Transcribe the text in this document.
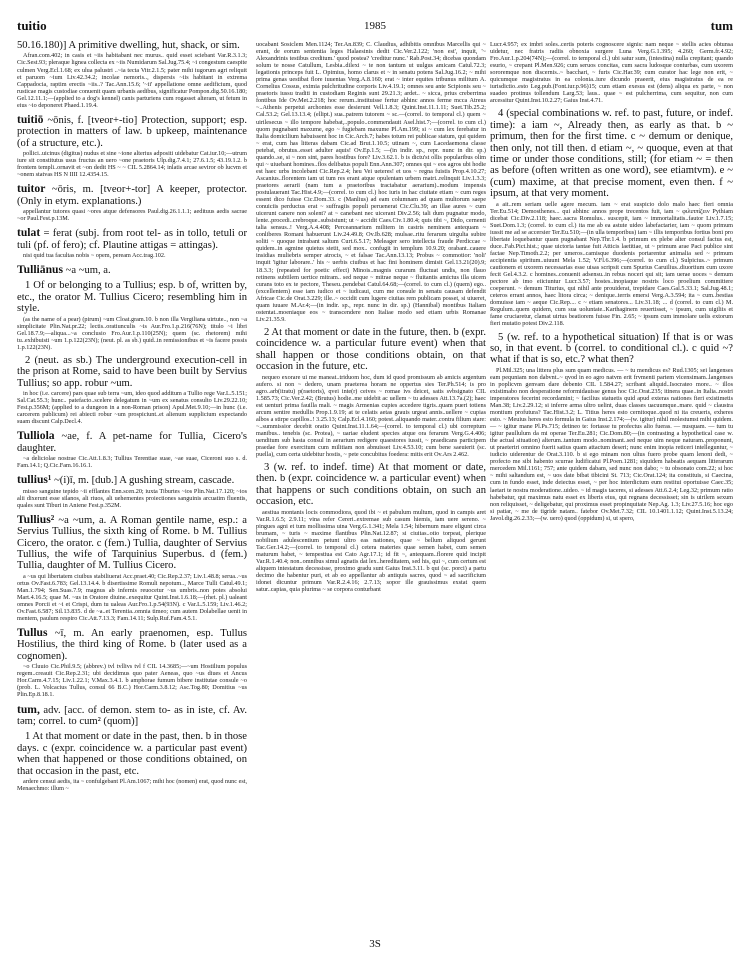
tuitio	1985	tum

50.16.180)] A primitive dwelling, hut, shack, or sim.

Afran.com.402; in casis et ~iis habitabant nec murus.. quid esset sciebant Var.R.3.1.3; Cic.Sest.93; pleraque lignea collecta ex ~iis Numidarum Sal.Jug.75.4; ~i congestum caespite culmen Verg.Ecl.1.68; ex ulua palustri ..~ia tecta Vitr.2.1.5; pater mihi iugorum agri reliquit et paruom ~ium Liv.42.34.2; incolae nemoris.., dispersis ~iis habitant in extrema Cappadocia, raptim erectis ~iis..? Tac.Ann.15.6; '~ii' appellatione omne aedificium, quod rusticae magis custodiae conuenit quam urbanis aedibus, significatur Pompon.dig.50.16.180; Gel.12.11.1;—(applied to a dog's kennel) canis parturiens cum rogasset alteram, ut fetum in eius ~io deponeret Phaed.1.19.4.

tuitiō ~ōnis, f. [tveor+-tio] Protection, support; esp. protection in matters of law. b upkeep, maintenance (of a structure, etc.).

pollici..uicinus (digitus) nudus et sine ~ione alterius adpositi uidebatur Cat.iur.10;—utrum iure sit constitutus usus fructus an uero ~one praetoris Ulp.dig.7.4.1; 27.6.1.5; 43.19.1.2. b frontem templi..ornavit et ~on dedit HS ~ ~ CIL 5.2864.14; inlatis arcae seviror ob lucvm et ~onem statvas HS N IIII 12.4354.15.

tuitor ~ōris, m. [tveor+-tor] A keeper, protector. (Only in etym. explanations.)

appellantur tutores quasi ~ores atque defensores Paul.dig.26.1.1.1; aedituus aedis sacrae ~or Paul.Fest.p.13M.

tulat = ferat (subj. from root tel- as in tollo, tetuli or tuli (pf. of fero); cf. Plautine attigas = attingas).

nisi quid tua facultas nobis ~ opem, peream Acc.trag.102.

Tulliānus ~a ~um, a.

1 Of or belonging to a Tullius; esp. b of, written by, etc., the orator M. Tullius Cicero; resembling him in style.

(as the name of a pear) (pirum) ~um Cloat.gram.10. b non illa Vergiliana uirtute.., non ~a simplicitate Plin.Nat.pr.22; lectis..oratiunculis ~is Aur.Fro.1.p.216(76N); titulo ~i libri Gel.18.7.9;—aliqua...~a conclusio Fro.Aur.1.p.110(25N); quem (sc. rhetorem) mihi tu..exhibuisti ~um 1.p.122(23N); (neut. pl. as sb.) quid..in remissionibus et ~is facere possis 1.p.122(23N).

2 (neut. as sb.) The underground execution-cell in the prison at Rome, said to have been built by Servius Tullius; so app. robur ~um.

in hoc (i.e. carcere) pars quae sub terra ~um, ideo quod additum a Tullio rege Var.L.5.151; Sal.Cat.55.3; hunc.. patefacto..scelere delegatum in ~um ex senatus consulto Liv.29.22.10; Fest.p.356M; (applied to a dungeon in a non-Roman prison) Apul.Met.9.10;—in hunc (i.e. carcerem publicum) rei abiecti robur ~um prospiciunt..et alienum supplicium expectando suam discunt Calp.Decl.4.

Tulliola ~ae, f. A pet-name for Tullia, Cicero's daughter.

~a deliciolae nostrae Cic.Att.1.8.3; Tullius Terentiae suae, ~ae suae, Ciceroni suo s. d. Fam.14.1; Q.Cic.Fam.16.16.1.

tullius¹ ~(i)ī, m. [dub.] A gushing stream, cascade.

misso sanguine tepido ~ii efflantes Enn.scen.20; iuxta Tiburtes ~ios Plin.Nat.17.120; ~ios alii dixerunt esse silanos, ali riuos, ali uehementes proiectiones sanguinis arcuatim fluentis, quales sunt Tiburi in Aniene Fest.p.352M.

Tullius² ~a ~um, a. A Roman gentile name, esp.: a Servius Tullius, the sixth king of Rome. b M. Tullius Cicero, the orator. c (fem.) Tullia, daughter of Servius Tullius, the wife of Tarquinius Superbus. d (fem.) Tullia, daughter of M. Tullius Cicero.

a ~us qui libertatem ciuibus stabiliuerat Acc.praet.40; Cic.Rep.2.37; Liv.1.48.8; seruа..~us ortus Ov.Fast.6.783; Gel.13.14.4. b disertissime Romuli nepotum.., Marce Tulli Catul.49.1; Man.1.794; Sen.Suas.7.9; magnus ab infernis reuocetur ~us umbris..non potes absolui Mart.4.16.5; quae M. ~us in Oratore diuine..exequitur Quint.Inst.1.6.18;—(rhet. pl.) ualeant omnes Porcii et ~i et Crispi, dum tu ualeas Aur.Fro.1.p.54(93N). c Var.L.5.159; Liv.1.46.2; Ov.Fast.6.587; Sil.13.835. d de ~a..et Terentia..omnia timeo; cum autem Dolabellae uenit in mentem, paulum respiro Cic.Att.7.13.3; Fam.14.11; Sulp.Ruf.Fam.4.5.1.

Tullus ~ī, m. An early praenomen, esp. Tullus Hostilius, the third king of Rome. b (later used as a cognomen).

~o Cluuio Cic.Phil.9.5; (abbrev.) tvl tvllivs tvl f CIL 14.3685;—~um Hostilium populus regem..creauit Cic.Rep.2.31; ubi decidimus quo pater Aeneas, quo ~us diues et Ancus Hor.Carm.4.7.15; Liv.1.22.1; V.Max.3.4.1. b amphorae fumum bibere institutae consule ~o (prob. L. Volcacius Tullus, consul 66 B.C.) Hor.Carm.3.8.12; Asc.Tog.80; Domitius ~us Plin.Ep.8.18.1.

tum, adv. [acc. of demon. stem to- as in iste, cf. Av. tәm; correl. to cum² (quom)]

1 At that moment or date in the past, then. b in those days. c (expr. coincidence w. a particular past event) when that happened or those conditions obtained, on that occasion in the past, etc.

ardere censui aedis, ita ~ confulgebant Pl.Am.1067; mihi hoc (nomen) erat, quod nunc est, Menaechmo: illum ~

uocabant Sosiclem Men.1124; Ter.An.839; C. Claudius, adhibitis omnibus Marcellis qui ~ erant, de eorum sententia leges Halaesinis dedit Cic.Ver.2.122; 'non est', inquit, '~ Alexandrinis testibus creditum.' quod postea? 'creditur nunc.' Rab.Post.34; dicebas quondam solum te nosse Catullum, Lesbia..dilexi ~ te non tantum ut uulgus amicam Catul.72.3; legationis princeps fuit L. Opimius, homo clarus et ~ in senatu potens Sal.Jug.16.2; ~ mihi prima genas uestibat flore iuuentas Verg.A.8.160; erat ~ inter equites tribunus militum A. Cornelius Cossus, eximia pulchritudine corporis Liv.4.19.1; omnes seu ante Scipionis seu ~ praetoris iussu traditi in custodiam Reginis sunt 29.21.3; ardet.. ~ sicca, prius creberrima fontibus Ide Ov.Met.2.218; hoc rerum..instituisse fertur abhinc annos ferme mcca Atreus ~..Athenis perpetui archontes esse desierunt Vell.1.8.3; Quint.Inst.11.1.11; Suet.Tib.25.2; Cal.53.2; Gel.13.13.4; (ellipt.) sua..patrem tutorem ~ sc.—(correl. to temporal cl.) quem ~ uirilesecus ~ illo tempore habebat,..populo..commendauit Asel.hist.7;—(correl. to cum cl.) quom pugnabant maxume, ego ~ fugiebam maxume Pl.Am.199; si ~ cum lex ferebatur in Italia domicilium habuissent hoc in Cic.Arch.7; habes totum rei publicae statum, qui quidem ~ erat, cum has litteras dabam Cic.ad Brut.1.10.5; utinam ~, cum Lacedaemona classe petebat, obrutus..esset adulter aquis! Ov.Ep.1.5; —(in indir. sp., repr. nunc in dir. sp.) quando..se, si ~ non sint, pares hostibus fore? Liv.3.62.1. b is dictu'st ollis popularibus olim qui ~ uiuebant homines..flos delibatus populi Enn.Ann.307; omnes qui ~ eos agros ubi hodie est haec urbs incolebant Cic.Rep.2.4; heu Vei ueteres! et uos ~ regna fuistis Prop.4.10.27; Ascanius..florentem iam ut tum res erant atque opulentam urbem matri..relinquit Liv.1.3.3; praetores aerarii (nam tum a praetoribus tractabatur aerarium)..modum impensis postulauerant Tac.Hist.4.9;—(correl. to cum cl.) hoc iuris in hac ciuitate etiam ~ cum reges essent dico fuisse Cic.Dom.33. c (Manlius) ad eam columnam ad quam multorum saepe conuiciis perductus erat ~ suffragiis populi peruenerat Cic.Clu.39; an illae aures ~ cum uicerunt canere non solent? at ~ canebant nec uicerant Div.2.56; tali dum pugnatur modo, lente..procedi..crebroque..subsistunt; ut ~ accidit Caes.Civ.1.80.4; quis tibi ~, Dido, cernenti talia sensus..! Verg.A.4.408; Perceannarium militem in castris neminem antequam ~ conliberes Romani habuerunt Liv.24.49.8; Ov.Ib.628; mulsae..ritu ferarum uirgulta subire soliti ~ quoque intrabant saltum Curt.6.5.17; Meleager sero intellecta fraude Perdiccae ~ quidem..in agmine quietus stetit, sed mox.. confugit in templum 10.9.20; orabant..cauere insidias muliebris semper atrocis, ~ et falsae Tac.Ann.13.13; Probus ~ commotior: 'noli' inquit 'igitur laborare..' his ~ uerbis ciuibus et hac fini hominem dimisit Gel.13.21(20).9; 18.3.3; (repeated for poetic effect) Minois..magnis curarum fluctuat undis, non flauo retinens subtilem uertice mitram.. sed neque ~ mitrae neque ~ fluitantis amictus illa uicem curans toto ex te pectore, Theseu..pendebat Catul.64.68;—(correl. to cum cl.) (quem) ego..(excellentem) esse iam iudico et ~ iudicaui, cum me consule in senatu causam defendit Africae Cic.de Orat.3.229; ille..~ occidit cum lugere ciuitas rem publicam posset, si uiueret, quam iuuare M.Ar.4;—(in indir. sp., repr. nunc in dir. sp.) (Hannibal) montibus Italiam ostentat..moeniaque eos ~ transcendere non Italiae modo sed etiam urbis Romanae Liv.21.35.9.

2 At that moment or date in the future, then. b (expr. coincidence w. a particular future event) when that shall happen or those conditions obtain, on that occasion in the future, etc.

nequeo exorare ui me maneat..triduom hoc, dum id quod promissum ab amicis argentum aufero. si non ~ dedero, unam praeterea horam ne oppertus sies Ter.Ph.514; is pro agro..arb(itratu) p(raetoris), qvei inte(r) ceives ~ romae ivs deicet, satis svbsignato CIL 1.585.73; Cic.Ver.2.42; (Brutus) hodie..me uidebit ac uellem ~ tu adesses Att.13.7a.(2); haec est uenturi prima fauilla mali. ~ magis Armenias cupies accedere tigris..quam pueri totiens arcum sentire medullis Prop.1.9.19; at te celatis aetas grauis urgeat annis..uellere ~ cupias albos a stirpe capillos..! 3.25.13; Calp.Ecl.4.160; potest..aliquando mater..contra filium stare: ~..summissior decebit oratio Quint.Inst.11.1.64;—(correl. to temporal cl.) ubi correptum manibus.. tenebis (sc. Protea), ~ uariae eludent species atque ora ferarum Verg.G.4.406; uenditum sub hasta consul in aerarium redigere quaestores iussit, ~ praedicans participem praedae fore exercitum cum militiam non abnuisset Liv.4.53.10; cum bene saeuierit (sc. puella), cum certa uidebitur hostis, ~ pete concubitus foedera: mitis erit Ov.Ars 2.462.

3 (w. ref. to indef. time) At that moment or date, then. b (expr. coincidence w. a particular event) when that happens or such conditions obtain, on such an occasion, etc.

aestiua montanis locis commodiora, quod ibi ~ et pabulum multum, quod in campis aret Var.R.1.6.5; 2.9.11; vina refer Cereri..extremae sub casum hiemis, iam uere sereno. ~ pingues agni et tum mollissima uina Verg.G.1.341; Mela 1.54; hibernum mare eligunt circa brumam, ~ turis ~ maxime flantibus Plin.Nat.12.87; si ciuitas..otio torpeat, plerique nobilium adulescentium petunt ultro eas nationes, quae ~ bellum aliquod gerunt Tac.Ger.14.2;—(correl. to temporal cl.) cetera materies quae semen habet, cum semen maturum habet, ~ tempestiua est Cato Agr.17.1; id fit ~, antequam..florere quid incipit Var.R.1.40.4; non..omnibus simul agnatis dat lex..hereditatem, sed his, qui ~, cum certum est aliquem intestatum decessisse, proximo gradu sunt Gaius Inst.3.11. b qui (sc. porci) a partu decimo die habentur puri, et ab eo appellantur ab antiquis sacres, quod ~ ad sacrificium idonei dicuntur primum Var.R.2.4.16; 2.7.13; sopor ille grauissimus exstat quem satur..capias, quia plurima ~ se corpora conturbant

Lucr.4.957; ex imbri soles..certis poteris cognoscere signis: nam neque ~ stellis acies obtunsa uidetur, nec fratris radiis obnoxia surgere Luna Verg.G.1.395; 4.260; Germ.fr.4.92; Fro.Aur.1.p.204(74N);—(correl. to temporal cl.) ubi satur sum, (intestina) nulla crepitant; quando esurio, ~ crepant Pl.Men.926; cum seruos concitas, cum sacra ludosque conturbas, cum uxorem sororemque non discernis..~ bacchari, ~ furis Cic.Har.39; cum curator hac lege non erit, ~ quicumque magistratus in ea colonia..iure dicundo praeerit, eius magistratus de ea re iurisdictio..esto Leg.pub.(Font.iur.p.96)15; cum etiam exesus est (dens) aliqua ex parte, ~ non suadeo protinus tollendum Larg.53; laus.. quae ~ est pulcherrima, cum sequitur, non cum arcessitur Quint.Inst.10.2.27; Gaius Inst.4.71.

4 (special combinations w. ref. to past, future, or indef. time): a iam ~, Already then, as early as that. b ~ primum, then for the first time. c ~ demum or denique, then only, not till then. d etiam ~, ~ quoque, even at that time or under those conditions, still; (for etiam ~ = then as before (often written as one word), see etiamtvm). e ~ (cum) maxime, at that precise moment, even then. f ~ ipsum, at that very moment.

a ait..rem seriam uelle agere mecum. iam ~ erat suspicio dolo malo haec fieri omnia Ter.Eu.514; Demosthenes... qui abhinc annos prope trecentos fuit, iam ~ φιλιππίζειν Pythiam dicebat Cic.Div.2.118; haec..sacra Romulus.. suscepit, iam ~ immortalitatis..fautor Liv.1.7.15; Suet.Dom.1.3; (correl. to cum cl.) ita me ab ea astute uideo labefactarier, iam ~ quom primum iussit me ad se accersier Ter.Eu.510;—(in ulla temporibus) iam ~ illis temporibus fortius boni pro libertate loquebantur quam pugnabant Nep.Thr.1.4. b primum ex plebe alter consul factus est, duce..Fab.Pict.hist.; quae uictoria tantae fuit Atticis laetitiae, ut ~ primum arae Paci publice sint factae Nep.Timoth.2.2; per umeros..camisque duodenis portarentur animalia sed ~ primum accipientia spiritum..uiuunt Mela 1.52; V.Fl.6.396;—(correl. to cum cl.) Sulpicius..~ primum cautionem et uxorem necessarias esse uisas scripsit cum Spurius Caruilius..diuortium cum uxore fecit Gel.4.3.2. c homines..conuenit adsensu..in rebus noceri qui sit; iam uerae uoces ~ demum pectore ab imo eiiciuntur Lucr.3.57; hostes..inopiaque nostris loco proelium committere coeperunt. ~ demum Titurius, qui nihil ante prouiderat, trepidare Caes.Gal.5.33.1; Sal.Jug.48.1; ceteros errant annos, haec litora circa; ~ denique..terris emersi Verg.A.3.594; ita ~ cum..bestias domuisse iam ~ aeque Cic.Rep.... c ~ etiam senatores... Liv.31.18; ... d (correl. to cum cl.) M. Regulum..quem quidem, cum sua uoluntate..Karthaginem reuertisset, ~ ipsum, cum uigiliis et fame cruciaretur, clamat uirtus beatiorem fuisse Fin. 2.65; ~ ipsum cum immolare uelis extorum fieri mutatio potest Div.2.118.

5 (w. ref. to a hypothetical situation) If that is or was so, in that event. b (correl. to conditional cl.). c quid ~? what if that is so, etc.? what then?

Pl.Mil.325; una littera plus sum quam medicus. — ~ tu mendicus es? Rud.1305; sei langenses eam pequniam non dabvnt..~ qvod in eo agro natvm erit frvmenti partem vicensimam..langenses in poplicvm genvam dare debento CIL 1.584.27; scribant aliquid..Isocrateo more.. ~ illos existimabo non desperatione reformidauisse genus hoc Cic.Orat.235; itinera quae..in Italia..nostri imperatores fecerint recordamini; ~ facilius statuetis quid apud exteras nationes fieri existimetis Man.38; Liv.2.29.12; si inferre arma ultro uelint, duas classes uacuumque..mare. quid ~ claustra montium profutura? Tac.Hist.3.2; L. Titius heres esto cernitoque..quod ni ita creueris, exheres esto. ~ Meuius heres esto formula in Gaius Inst.2.174;—(w. igitur) nihil molestumst mihi quidem. — ~ igitur mane Pl.Ps.715; detineo te: fortasse tu profectus alio fueras. — nusquam. — tum tu igitur paullulum da mi operae Ter.Eu.281; Cic.Dom.80;—(in contrasting a hypothetical case w. the actual situation) alterum..tantum modo..nominant..sed neque uim neque naturam..proponunt, ut praeteriri omnino fuerit satius quam attactum deseri; nunc enim inopia reticeri intelleguntur, ~ iudicio uiderentur de Orat.3.110. b si ego minam non ultus fuero probe quam lenoni dedi, ~ profecto me sibi habento scurrae ludificatui Pl.Poen.1281; siquidem habeatis aequam litterarum mercedem Mil.1161; 757; ante quidem dabam, sed nunc non dabo; ~ tu obsonato com.22; si hoc ~ mihi saltandum est, ~ uos date bibat tibicini St. 713; Cic.Orat.124; ita constituis, si Caecina, cum in fundo esset, inde deiectus esset, ~ per hoc interdictum eum restitui oportuisse Caec.35; laetari te nostra moderatione..uideo. ~ id magis taceres, si adesses Att.6.2.4; Leg.32; primum ratio habebatur, qui maximus natu esset ex liberis eius, qui regnans decessisset; sin is uirilem sexum non reliquisset, ~ deligebatur, qui proximus esset propinquitate Nep.Ag. 1.3; Liv.27.5.16; hoc ego si patiar, ~ me de tigride natam.. fatebor Ov.Met.7.32; CIL 10.1401.1.12; Quint.Inst.5.13.24; Javol.dig.26.2.33;—(w. uero) quod (oppidum) si, ut spero,

3S
